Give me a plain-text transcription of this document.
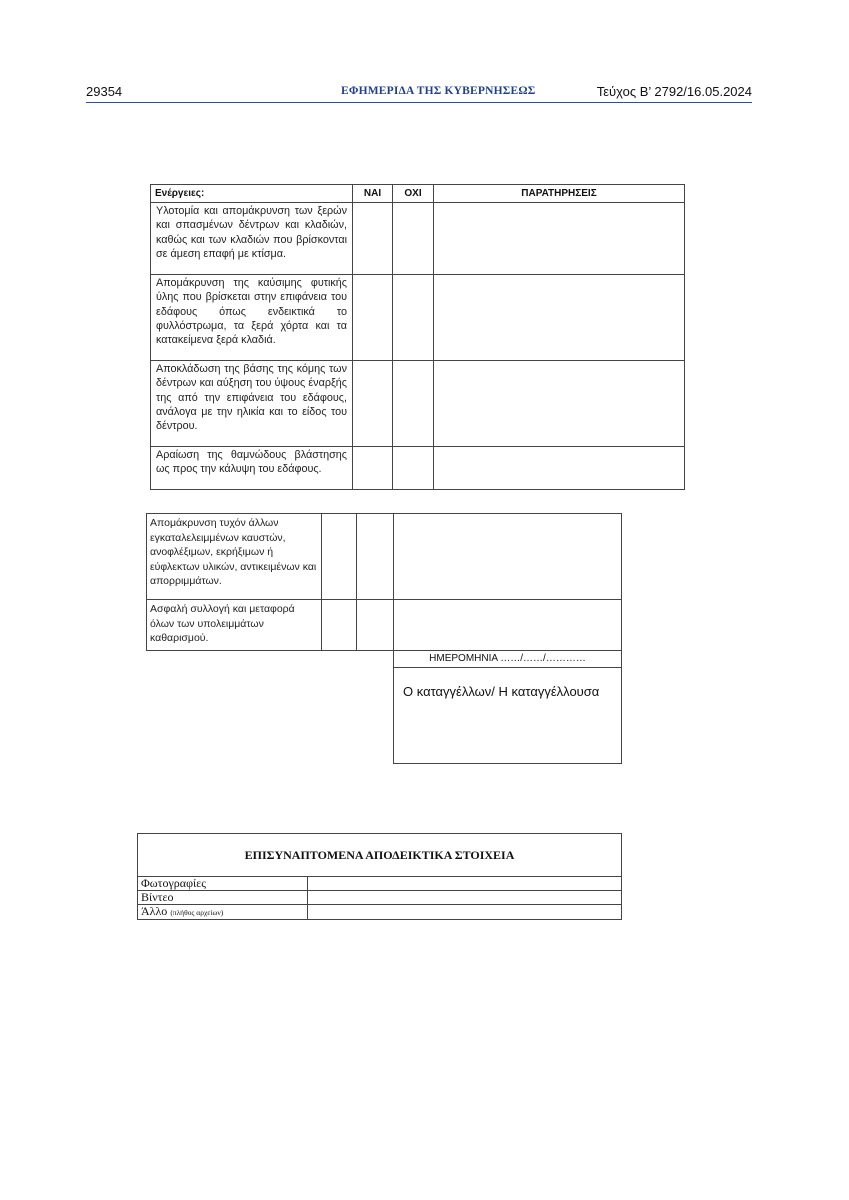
29354	ΕΦΗΜΕΡΙΔΑ ΤΗΣ ΚΥΒΕΡΝΗΣΕΩΣ	Τεύχος Β’ 2792/16.05.2024
Ενέργειες:	ΝΑΙ	ΟΧΙ	ΠΑΡΑΤΗΡΗΣΕΙΣ

Υλοτομία και απομάκρυνση των ξερών και σπασμένων δέντρων και κλαδιών, καθώς και των κλαδιών που βρίσκονται σε άμεση επαφή με κτίσμα.			

Απομάκρυνση της καύσιμης φυτικής ύλης που βρίσκεται στην επιφάνεια του εδάφους όπως ενδεικτικά το φυλλόστρωμα, τα ξερά χόρτα και τα κατακείμενα ξερά κλαδιά.			

Αποκλάδωση της βάσης της κόμης των δέντρων και αύξηση του ύψους έναρξής της από την επιφάνεια του εδάφους, ανάλογα με την ηλικία και το είδος του δέντρου.			

Αραίωση της θαμνώδους βλάστησης ως προς την κάλυψη του εδάφους.			

Απομάκρυνση τυχόν άλλων εγκαταλελειμμένων καυστών, ανοφλέξιμων, εκρήξιμων ή εύφλεκτων υλικών, αντικειμένων και απορριμμάτων.			

Ασφαλή συλλογή και μεταφορά όλων των υπολειμμάτων καθαρισμού.			

ΗΜΕΡΟΜΗΝΙΑ ……/……/…………
Ο καταγγέλλων/ Η καταγγέλλουσα
ΕΠΙΣΥΝΑΠΤΟΜΕΝΑ ΑΠΟΔΕΙΚΤΙΚΑ ΣΤΟΙΧΕΙΑ	
Φωτογραφίες	
Βίντεο	
Άλλο (πλήθος αρχείων)	
